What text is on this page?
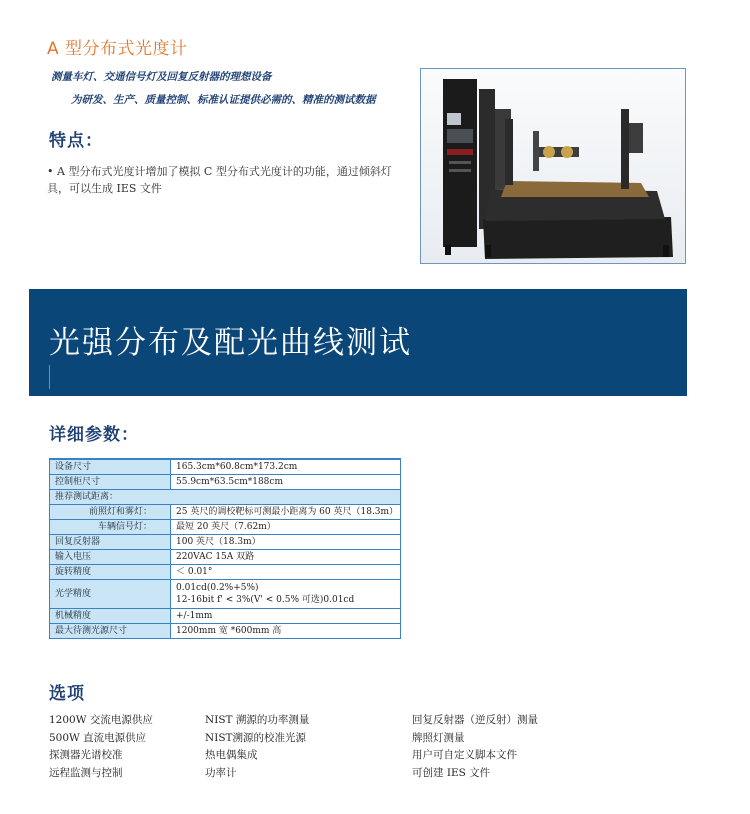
A 型分布式光度计
测量车灯、交通信号灯及回复反射器的理想设备
为研发、生产、质量控制、标准认证提供必需的、精准的测试数据
特点：
• A 型分布式光度计增加了模拟 C 型分布式光度计的功能，通过倾斜灯具，可以生成 IES 文件
光强分布及配光曲线测试
详细参数：
设备尺寸	165.3cm*60.8cm*173.2cm
控制柜尺寸	55.9cm*63.5cm*188cm
推荐测试距离：	
前照灯和雾灯：	25 英尺的调校靶标可测最小距离为 60 英尺（18.3m）
车辆信号灯：	最短 20 英尺（7.62m）
回复反射器	100 英尺（18.3m）
输入电压	220VAC 15A 双路
旋转精度	＜ 0.01°
光学精度	0.01cd(0.2%+5%)
12-16bit f' < 3%(V' < 0.5% 可选)0.01cd

机械精度	+/-1mm
最大待测光源尺寸	1200mm 宽 *600mm 高
选项
1200W 交流电源供应
500W 直流电源供应
探测器光谱校准
远程监测与控制
NIST 溯源的功率测量
NIST溯源的校准光源
热电偶集成
功率计
回复反射器（逆反射）测量
牌照灯测量
用户可自定义脚本文件
可创建 IES 文件
